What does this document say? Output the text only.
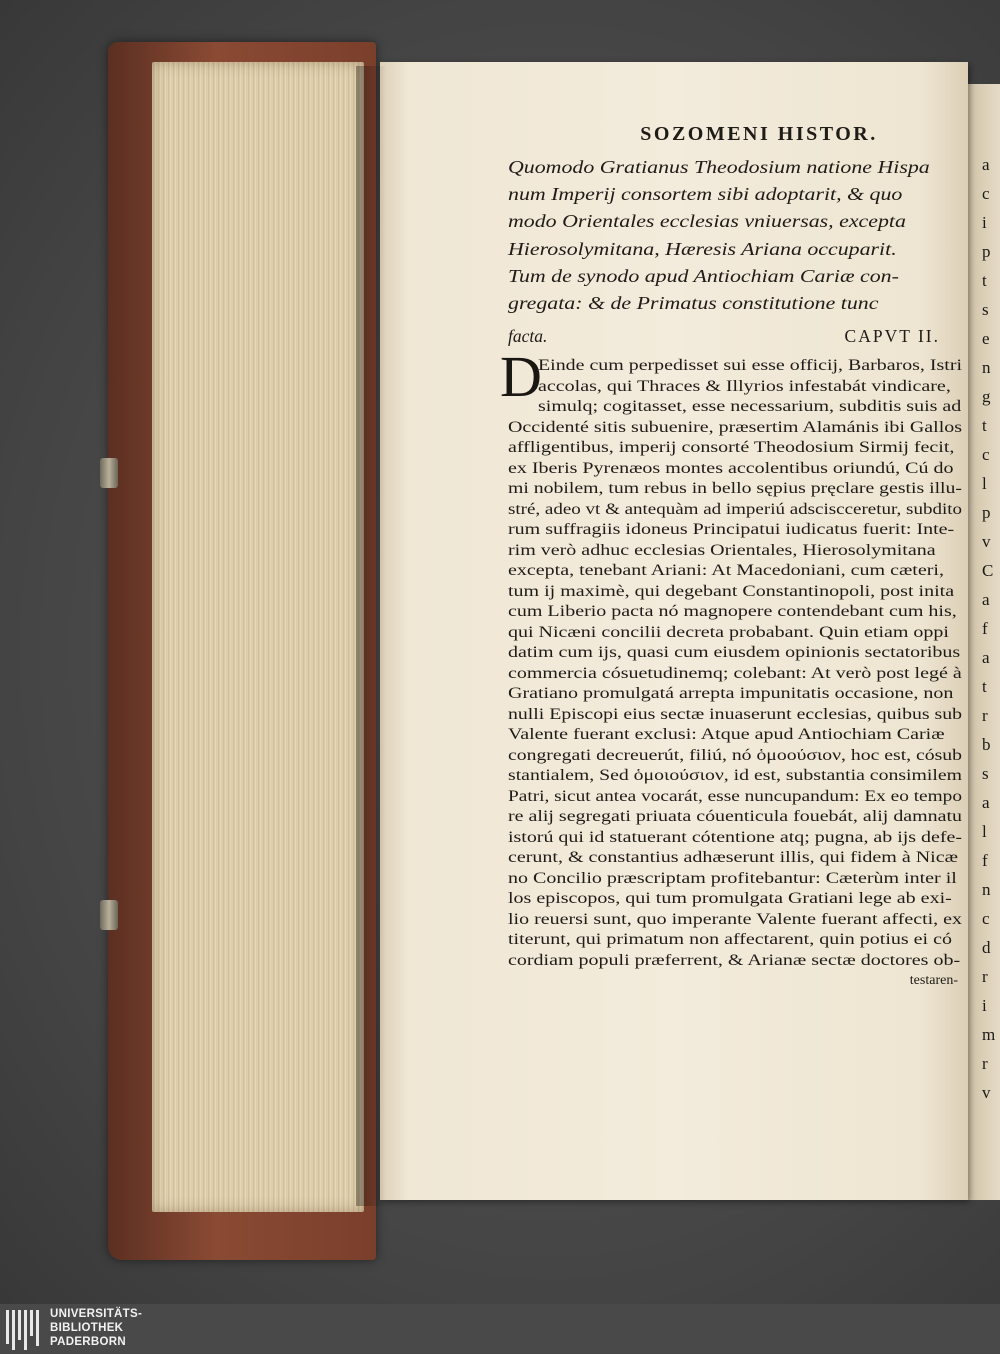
a
c
i
p
t
s
e
n
g
t
c
l
p
v
C
a
f
a
t
r
b
s
a
l
f
n
c
d
r
i
m
r
v
SOZOMENI HISTOR.
Quomodo Gratianus Theodosium natione Hispa
num Imperij consortem sibi adoptarit, & quo
modo Orientales ecclesias vniuersas, excepta
Hierosolymitana, Hæresis Ariana occuparit.
Tum de synodo apud Antiochiam Cariæ con-
gregata: & de Primatus constitutione tunc
facta.	CAPVT II.
D
Einde cum perpedisset sui esse officij, Barbaros, Istri
accolas, qui Thraces & Illyrios infestabát vindicare,
simulq; cogitasset, esse necessarium, subditis suis ad
Occidenté sitis subuenire, præsertim Alamánis ibi Gallos
affligentibus, imperij consorté Theodosium Sirmij fecit,
ex Iberis Pyrenæos montes accolentibus oriundú, Cú do
mi nobilem, tum rebus in bello sępius pręclare gestis illu-
stré, adeo vt & antequàm ad imperiú adsciscceretur, subdito
rum suffragiis idoneus Principatui iudicatus fuerit: Inte-
rim verò adhuc ecclesias Orientales, Hierosolymitana
excepta, tenebant Ariani: At Macedoniani, cum cæteri,
tum ij maximè, qui degebant Constantinopoli, post inita
cum Liberio pacta nó magnopere contendebant cum his,
qui Nicæni concilii decreta probabant. Quin etiam oppi
datim cum ijs, quasi cum eiusdem opinionis sectatoribus
commercia cósuetudinemq; colebant: At verò post legé à
Gratiano promulgatá arrepta impunitatis occasione, non
nulli Episcopi eius sectæ inuaserunt ecclesias, quibus sub
Valente fuerant exclusi: Atque apud Antiochiam Cariæ
congregati decreuerút, filiú, nó ὁμοούσιον, hoc est, cósub
stantialem, Sed ὁμοιούσιον, id est, substantia consimilem
Patri, sicut antea vocarát, esse nuncupandum: Ex eo tempo
re alij segregati priuata cóuenticula fouebát, alij damnatu
istorú qui id statuerant cótentione atq; pugna, ab ijs defe-
cerunt, & constantius adhæserunt illis, qui fidem à Nicæ
no Concilio præscriptam profitebantur: Cæterùm inter il
los episcopos, qui tum promulgata Gratiani lege ab exi-
lio reuersi sunt, quo imperante Valente fuerant affecti, ex
titerunt, qui primatum non affectarent, quin potius ei có
cordiam populi præferrent, & Arianæ sectæ doctores ob-
testaren-
UNIVERSITÄTS-
BIBLIOTHEK
PADERBORN
